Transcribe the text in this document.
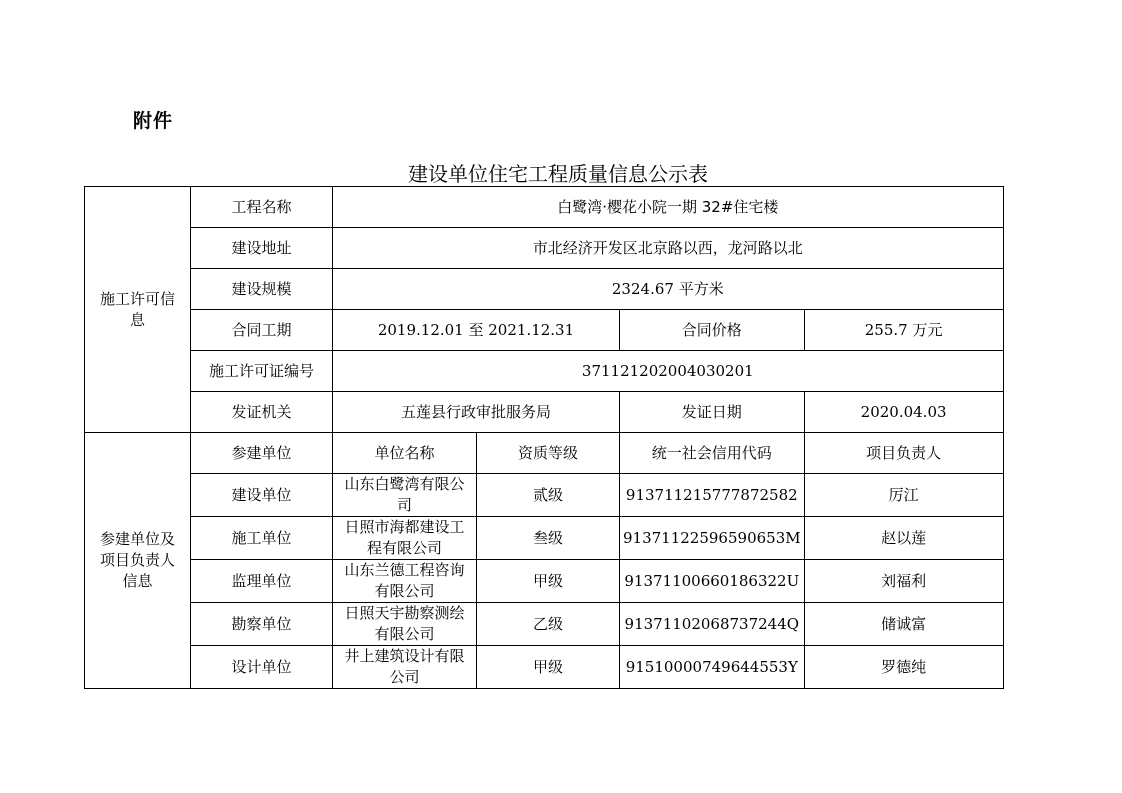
附件
建设单位住宅工程质量信息公示表
施工许可信息	工程名称	白鹭湾·樱花小院一期 32#住宅楼			
	建设地址	市北经济开发区北京路以西，龙河路以北			
	建设规模	2324.67 平方米			
	合同工期	2019.12.01 至 2021.12.31		合同价格	255.7 万元
	施工许可证编号	371121202004030201			
	发证机关	五莲县行政审批服务局		发证日期	2020.04.03

参建单位及项目负责人信息	参建单位	单位名称	资质等级	统一社会信用代码	项目负责人
	建设单位	山东白鹭湾有限公司	贰级	913711215777872582	厉江
	施工单位	日照市海都建设工程有限公司	叁级	91371122596590653M	赵以莲
	监理单位	山东兰德工程咨询有限公司	甲级	91371100660186322U	刘福利
	勘察单位	日照天宇勘察测绘有限公司	乙级	91371102068737244Q	储诚富
	设计单位	井上建筑设计有限公司	甲级	91510000749644553Y	罗德纯
